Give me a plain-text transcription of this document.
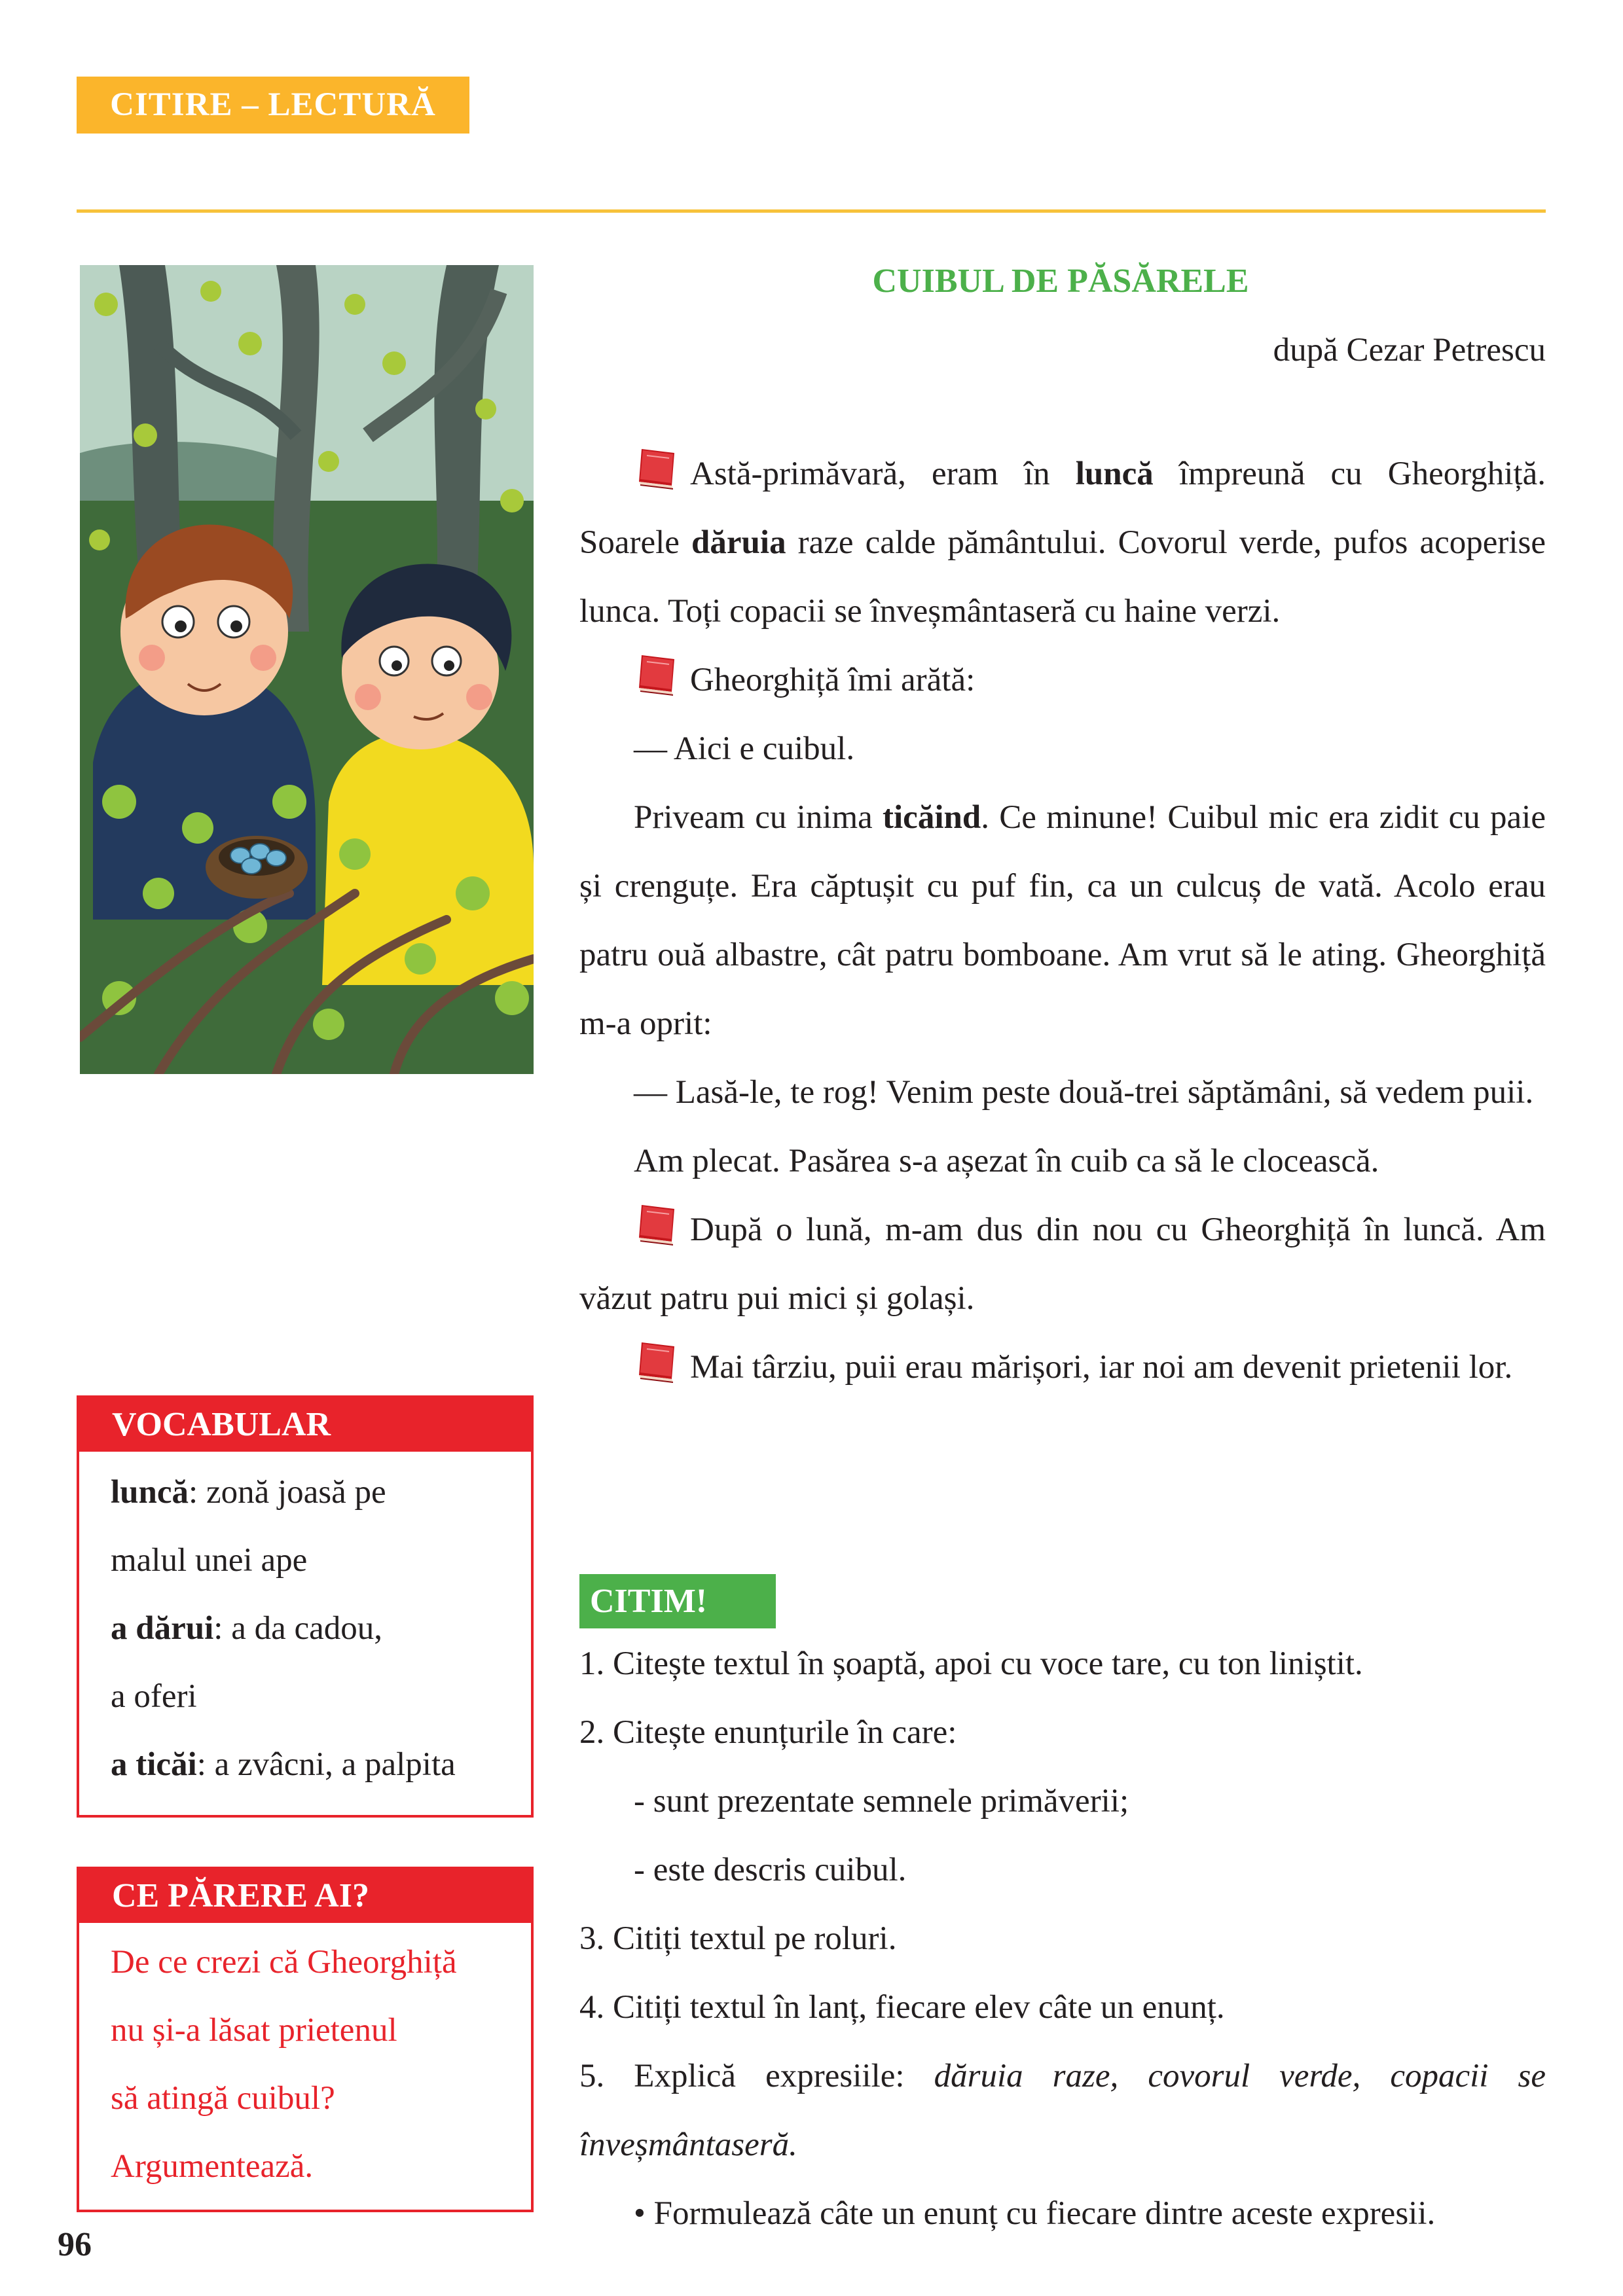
CITIRE – LECTURĂ
CUIBUL DE PĂSĂRELE
după Cezar Petrescu

Astă-primăvară, eram în luncă împreună cu Gheorghiță. Soarele dăruia raze calde pământului. Covorul verde, pufos acoperise lunca. Toți copacii se înveșmântaseră cu haine verzi.

Gheorghiță îmi arătă:

— Aici e cuibul.

Priveam cu inima ticăind. Ce minune! Cuibul mic era zidit cu paie și crenguțe. Era căptușit cu puf fin, ca un culcuș de vată. Acolo erau patru ouă albastre, cât patru bomboane. Am vrut să le ating. Gheorghiță m-a oprit:

— Lasă-le, te rog! Venim peste două-trei săptămâni, să vedem puii.

Am plecat. Pasărea s-a așezat în cuib ca să le clocească.

După o lună, m-am dus din nou cu Gheorghiță în luncă. Am văzut patru pui mici și golași.

Mai târziu, puii erau mărișori, iar noi am devenit prietenii lor.

VOCABULAR
luncă: zonă joasă pe
malul unei ape
a dărui: a da cadou,
a oferi
a ticăi: a zvâcni, a palpita
CE PĂRERE AI?
De ce crezi că Gheorghiță
nu și-a lăsat prietenul
să atingă cuibul?
Argumentează.
CITIM!

1. Citește textul în șoaptă, apoi cu voce tare, cu ton liniștit.

2. Citește enunțurile în care:

- sunt prezentate semnele primăverii;

- este descris cuibul.

3. Citiți textul pe roluri.

4. Citiți textul în lanț, fiecare elev câte un enunț.

5. Explică expresiile: dăruia raze, covorul verde, copacii se înveșmântaseră.

• Formulează câte un enunț cu fiecare dintre aceste expresii.

96
